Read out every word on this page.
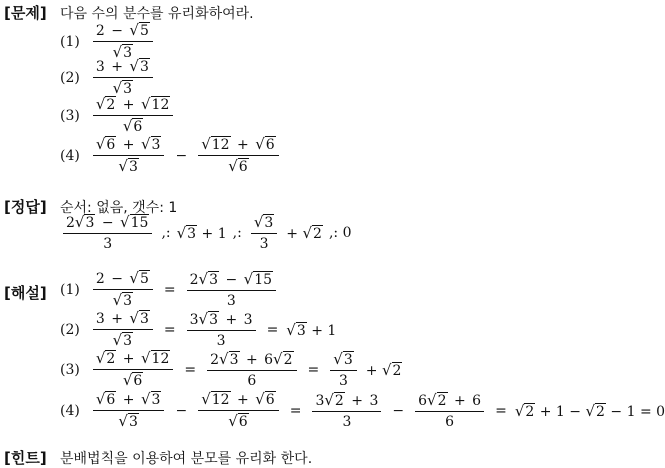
[문제] 다음 수의 분수를 유리화하여라.
$(1) \frac{2 - √5}{√3}$
$(2) \frac{3 + √3}{√3}$
$(3) \frac{√2 + √12}{√6}$
$(4) \frac{√6 + √3}{√3} - \frac{√12 + √6}{√6}$
[정답] 순서: 없음, 갯수: 1
$\frac{2√3 - √15}{3}$ ,: √3 + 1 ,: $\frac{√3}{3} + √2$ ,: 0
[해설] $(1) \frac{2 - √5}{√3} = \frac{2√3 - √15}{3}$
$(2) \frac{3 + √3}{√3} = \frac{3√3 + 3}{3} = √3 + 1$
$(3) \frac{√2 + √12}{√6} = \frac{2√3 + 6√2}{6} = \frac{√3}{3} + √2$
$(4) \frac{√6 + √3}{√3} - \frac{√12 + √6}{√6} = \frac{3√2 + 3}{3} - \frac{6√2 + 6}{6} = √2 + 1 - √2 - 1 = 0$
[힌트] 분배법칙을 이용하여 분모를 유리화 한다.
